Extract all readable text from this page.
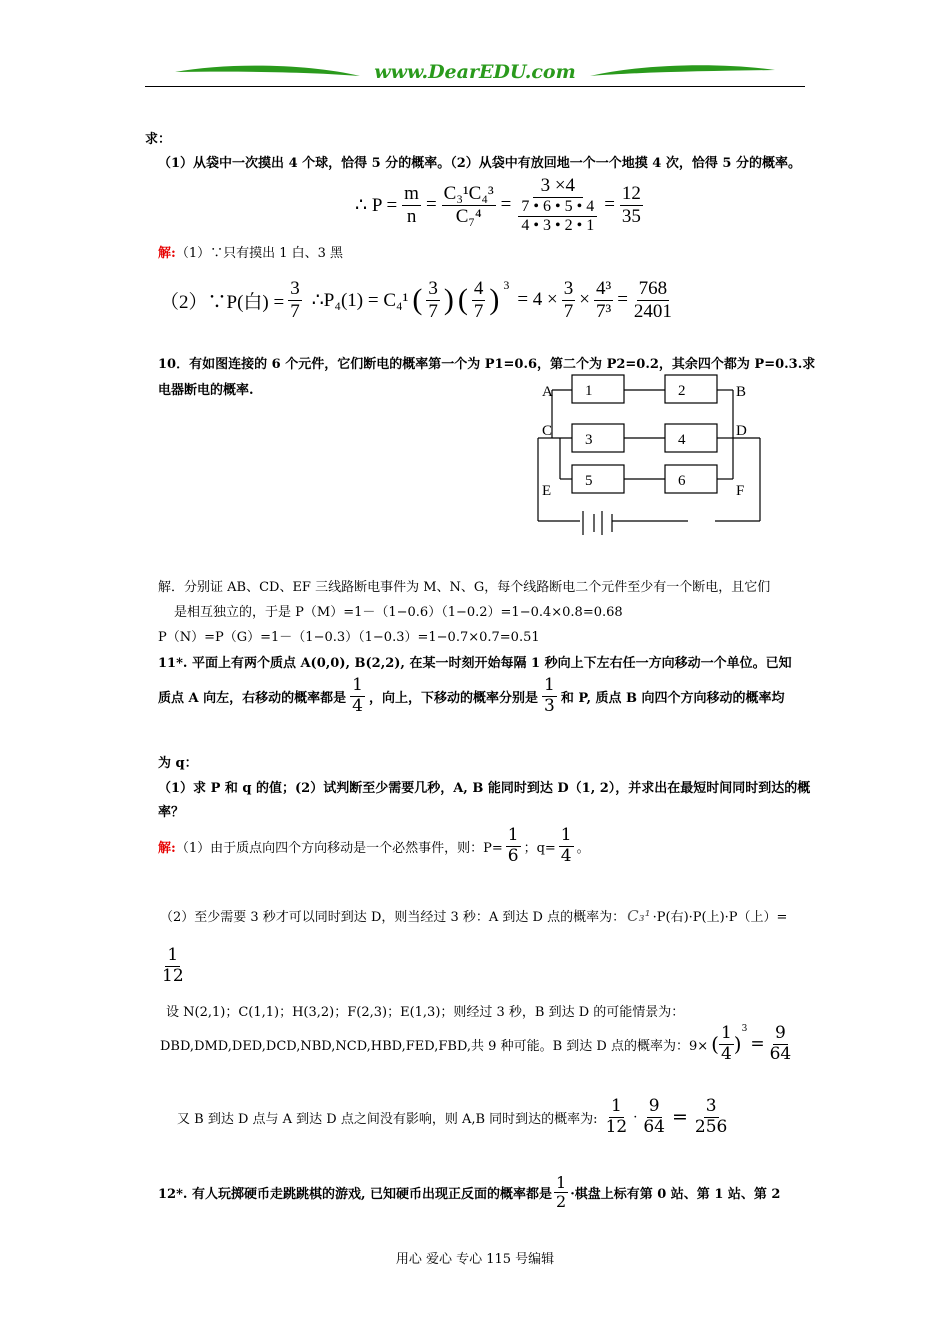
www.DearEDU.com
求：
（1）从袋中一次摸出 4 个球，恰得 5 分的概率。（2）从袋中有放回地一个一个地摸 4 次，恰得 5 分的概率。
∴ $P = \frac{m}{n} = \frac{\text{C₃¹C₄³}}{\text{C₇⁴}} = \frac{3 \times 4}{\frac{7 • 6 • 5 • 4}{4 • 3 • 2 • 1}} = \frac{12}{35}$
解:（1）∵只有摸出 1 白、3 黑
（2）∵P(白) = $\frac{3}{7}$ ∴P₄(1) = C₄¹ ( $\frac{3}{7}$ ) ( $\frac{4}{7}$ ) $^3$
= $4 \times \frac{3}{7} \times \frac{\text{4³}}{\text{7³}} = \frac{768}{2401}$
10．有如图连接的 6 个元件，它们断电的概率第一个为 P1=0.6，第二个为 P2=0.2，其余四个都为 P=0.3.求
电器断电的概率.	A	B
C	D
E	F
1	2
3	4
5	6
解．分别证 AB、CD、EF 三线路断电事件为 M、N、G，每个线路断电二个元件至少有一个断电，且它们
是相互独立的，于是 P（M）=1－（1−0.6）（1−0.2）=1−0.4×0.8=0.68
P（N）=P（G）=1－（1−0.3）（1−0.3）=1−0.7×0.7=0.51
11*. 平面上有两个质点 A(0,0), B(2,2), 在某一时刻开始每隔 1 秒向上下左右任一方向移动一个单位。已知
质点 A 向左，右移动的概率都是 $\frac{1}{4}$ ，向上，下移动的概率分别是 $\frac{1}{3}$ 和 P, 质点 B 向四个方向移动的概率均
为 q：
（1）求 P 和 q 的值；(2）试判断至少需要几秒，A, B 能同时到达 D（1, 2），并求出在最短时间同时到达的概
率？
解: （1）由于质点向四个方向移动是一个必然事件，则：$P= \frac{1}{6}$ ；$q= \frac{1}{4}$ 。
（2）至少需要 3 秒才可以同时到达 D，则当经过 3 秒：A 到达 D 点的概率为： C₃¹ ·P(右)·P(上)·P（上）=
$\frac{1}{12}$
设 N(2,1)；C(1,1)；H(3,2)；F(2,3)；E(1,3)；则经过 3 秒，B 到达 D 的可能情景为：
DBD,DMD,DED,DCD,NBD,NCD,HBD,FED,FBD,共 9 种可能。B 到达 D 点的概率为：9× ( $\frac{1}{4}$ )
$^3$
= $\frac{9}{64}$
又 B 到达 D 点与 A 到达 D 点之间没有影响，则 A,B 同时到达的概率为: $\frac{1}{12} \cdot \frac{9}{64} = \frac{3}{256}$
12*. 有人玩掷硬币走跳跳棋的游戏, 已知硬币出现正反面的概率都是 $\frac{1}{2}$ ·棋盘上标有第 0 站、第 1 站、第 2
用心 爱心 专心 115 号编辑
